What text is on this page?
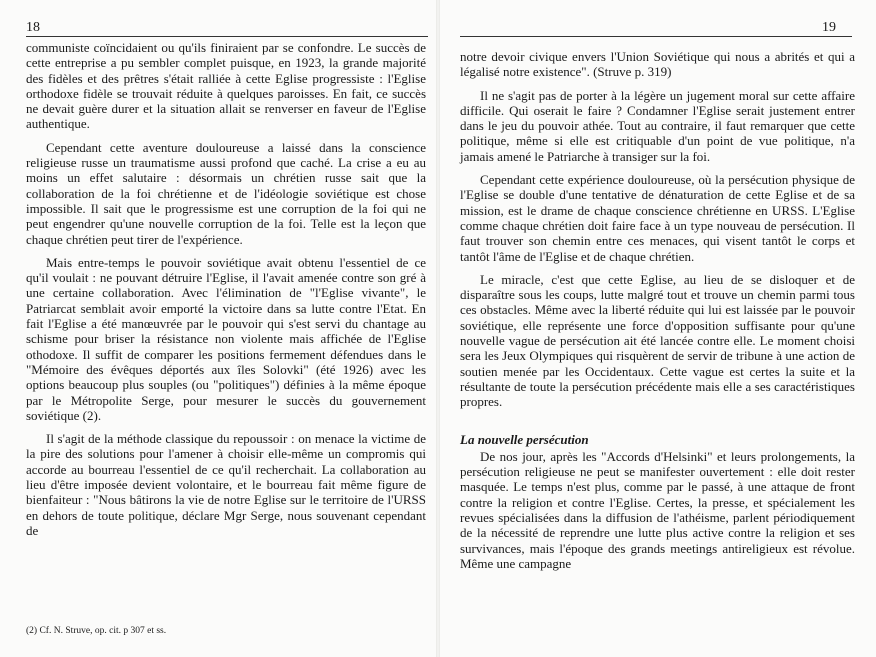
18

communiste coïncidaient ou qu'ils finiraient par se confondre. Le succès de cette entreprise a pu sembler complet puisque, en 1923, la grande majorité des fidèles et des prêtres s'était ralliée à cette Eglise progressiste : l'Eglise orthodoxe fidèle se trouvait réduite à quelques paroisses. En fait, ce succès ne devait guère durer et la situation allait se renverser en faveur de l'Eglise authentique.

Cependant cette aventure douloureuse a laissé dans la conscience religieuse russe un traumatisme aussi profond que caché. La crise a eu au moins un effet salutaire : désormais un chrétien russe sait que la collaboration de la foi chrétienne et de l'idéologie soviétique est chose impossible. Il sait que le progressisme est une corruption de la foi qui ne peut engendrer qu'une nouvelle corruption de la foi. Telle est la leçon que chaque chrétien peut tirer de l'expérience.

Mais entre-temps le pouvoir soviétique avait obtenu l'essentiel de ce qu'il voulait : ne pouvant détruire l'Eglise, il l'avait amenée contre son gré à une certaine collaboration. Avec l'élimination de "l'Eglise vivante", le Patriarcat semblait avoir emporté la victoire dans sa lutte contre l'Etat. En fait l'Eglise a été manœuvrée par le pouvoir qui s'est servi du chantage au schisme pour briser la résistance non violente mais affichée de l'Eglise othodoxe. Il suffit de comparer les positions fermement défendues dans le "Mémoire des évêques déportés aux îles Solovki" (été 1926) avec les options beaucoup plus souples (ou "politiques") définies à la même époque par le Métropolite Serge, pour mesurer le succès du gouvernement soviétique (2).

Il s'agit de la méthode classique du repoussoir : on menace la victime de la pire des solutions pour l'amener à choisir elle-même un compromis qui accorde au bourreau l'essentiel de ce qu'il recherchait. La collaboration au lieu d'être imposée devient volontaire, et le bourreau fait même figure de bienfaiteur : "Nous bâtirons la vie de notre Eglise sur le territoire de l'URSS en dehors de toute politique, déclare Mgr Serge, nous souvenant cependant de

(2) Cf. N. Struve, op. cit. p 307 et ss.
19

notre devoir civique envers l'Union Soviétique qui nous a abrités et qui a légalisé notre existence". (Struve p. 319)

Il ne s'agit pas de porter à la légère un jugement moral sur cette affaire difficile. Qui oserait le faire ? Condamner l'Eglise serait justement entrer dans le jeu du pouvoir athée. Tout au contraire, il faut remarquer que cette politique, même si elle est critiquable d'un point de vue politique, n'a jamais amené le Patriarche à transiger sur la foi.

Cependant cette expérience douloureuse, où la persécution physique de l'Eglise se double d'une tentative de dénaturation de cette Eglise et de sa mission, est le drame de chaque conscience chrétienne en URSS. L'Eglise comme chaque chrétien doit faire face à un type nouveau de persécution. Il faut trouver son chemin entre ces menaces, qui visent tantôt le corps et tantôt l'âme de l'Eglise et de chaque chrétien.

Le miracle, c'est que cette Eglise, au lieu de se disloquer et de disparaître sous les coups, lutte malgré tout et trouve un chemin parmi tous ces obstacles. Même avec la liberté réduite qui lui est laissée par le pouvoir soviétique, elle représente une force d'opposition suffisante pour qu'une nouvelle vague de persécution ait été lancée contre elle. Le moment choisi sera les Jeux Olympiques qui risquèrent de servir de tribune à une action de soutien menée par les Occidentaux. Cette vague est certes la suite et la résultante de toute la persécution précédente mais elle a ses caractéristiques propres.

La nouvelle persécution

De nos jour, après les "Accords d'Helsinki" et leurs prolongements, la persécution religieuse ne peut se manifester ouvertement : elle doit rester masquée. Le temps n'est plus, comme par le passé, à une attaque de front contre la religion et contre l'Eglise. Certes, la presse, et spécialement les revues spécialisées dans la diffusion de l'athéisme, parlent périodiquement de la nécessité de reprendre une lutte plus active contre la religion et ses survivances, mais l'époque des grands meetings antireligieux est révolue. Même une campagne
